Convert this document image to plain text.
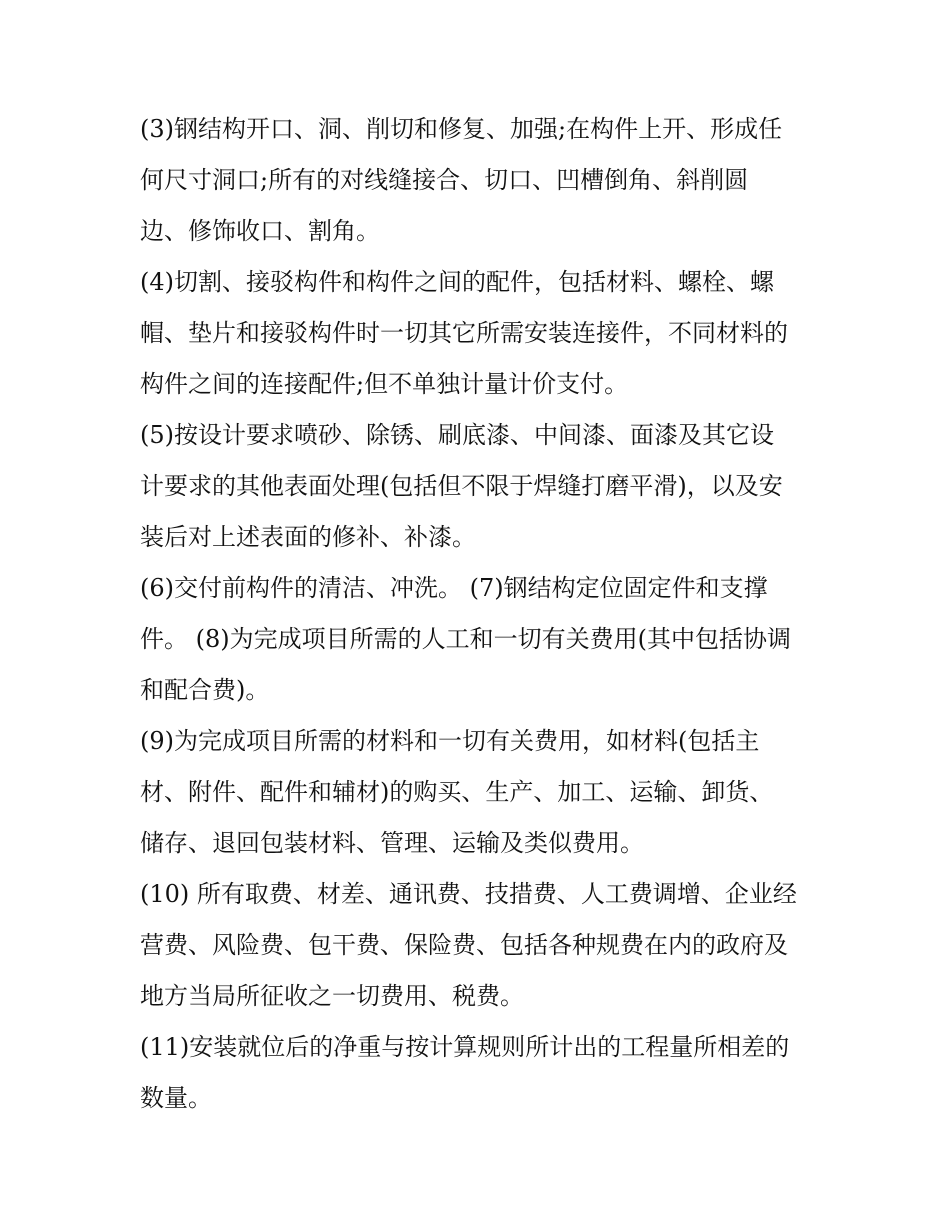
(3)钢结构开口、洞、削切和修复、加强;在构件上开、形成任
何尺寸洞口;所有的对线缝接合、切口、凹槽倒角、斜削圆
边、修饰收口、割角。

(4)切割、接驳构件和构件之间的配件，包括材料、螺栓、螺
帽、垫片和接驳构件时一切其它所需安装连接件，不同材料的
构件之间的连接配件;但不单独计量计价支付。

(5)按设计要求喷砂、除锈、刷底漆、中间漆、面漆及其它设
计要求的其他表面处理(包括但不限于焊缝打磨平滑)，以及安
装后对上述表面的修补、补漆。

(6)交付前构件的清洁、冲洗。 (7)钢结构定位固定件和支撑
件。 (8)为完成项目所需的人工和一切有关费用(其中包括协调
和配合费)。

(9)为完成项目所需的材料和一切有关费用，如材料(包括主
材、附件、配件和辅材)的购买、生产、加工、运输、卸货、
储存、退回包装材料、管理、运输及类似费用。

(10) 所有取费、材差、通讯费、技措费、人工费调增、企业经
营费、风险费、包干费、保险费、包括各种规费在内的政府及
地方当局所征收之一切费用、税费。

(11)安装就位后的净重与按计算规则所计出的工程量所相差的
数量。
